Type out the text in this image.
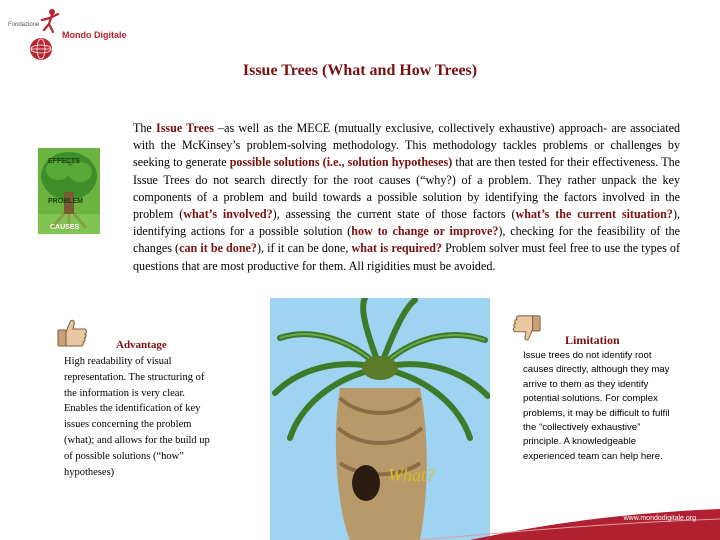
Fondazione
Mondo Digitale
Issue Trees (What and How Trees)
EFFECTS
PROBLEM
CAUSES
The Issue Trees –as well as the MECE (mutually exclusive, collectively exhaustive) approach- are associated with the McKinsey’s problem-solving methodology. This methodology tackles problems or challenges by seeking to generate possible solutions (i.e., solution hypotheses) that are then tested for their effectiveness. The Issue Trees do not search directly for the root causes (“why?) of a problem. They rather unpack the key components of a problem and build towards a possible solution by identifying the factors involved in the problem (what’s involved?), assessing the current state of those factors (what’s the current situation?), identifying actions for a possible solution (how to change or improve?), checking for the feasibility of the changes (can it be done?), if it can be done, what is required? Problem solver must feel free to use the types of questions that are most productive for them. All rigidities must be avoided.
Advantage
High readability of visual representation. The structuring of the information is very clear. Enables the identification of key issues concerning the problem (what); and allows for the build up of possible solutions (“how” hypotheses)	What?
Limitation
Issue trees do not identify root causes directly, although they may arrive to them as they identify potential solutions. For complex problems, it may be difficult to fulfil the “collectively exhaustive” principle. A knowledgeable experienced team can help here.
www.mondodigitale.org
